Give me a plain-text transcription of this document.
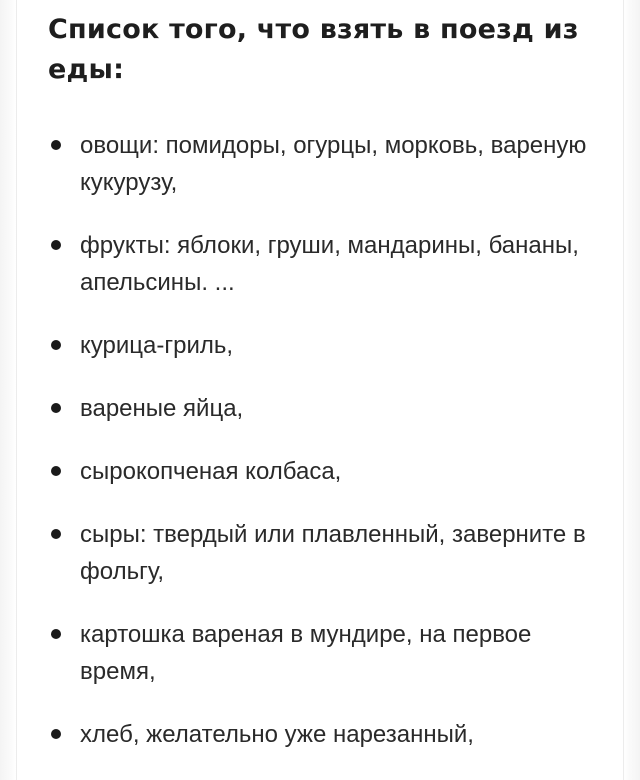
Список того, что взять в поезд из еды:
овощи: помидоры, огурцы, морковь, вареную кукурузу,
фрукты: яблоки, груши, мандарины, бананы, апельсины. ...
курица-гриль,
вареные яйца,
сырокопченая колбаса,
сыры: твердый или плавленный, заверните в фольгу,
картошка вареная в мундире, на первое время,
хлеб, желательно уже нарезанный,
